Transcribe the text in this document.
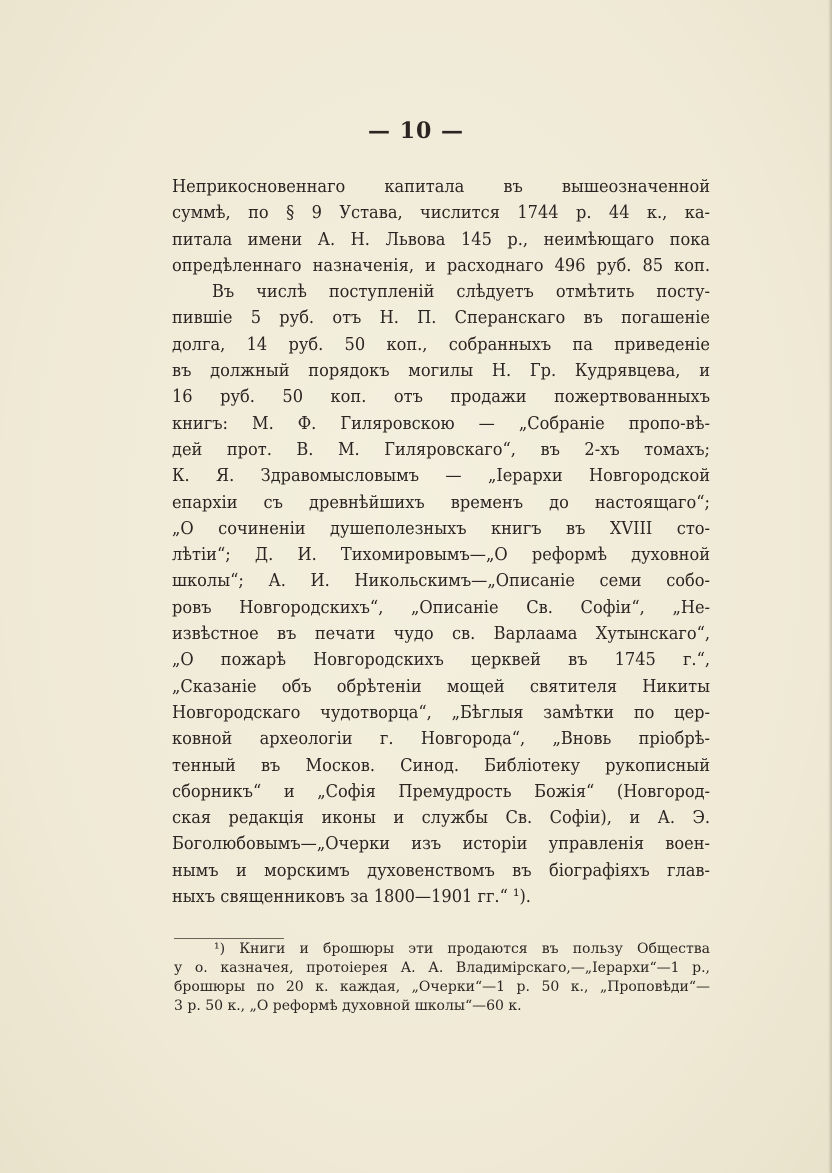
— 10 —
Неприкосновеннаго капитала въ вышеозначенной
суммѣ, по § 9 Устава, числится 1744 р. 44 к., ка-
питала имени А. Н. Львова 145 р., неимѣющаго пока
опредѣленнаго назначенія, и расходнаго 496 руб. 85 коп.
Въ числѣ поступленій слѣдуетъ отмѣтить посту-
пившіе 5 руб. отъ Н. П. Сперанскаго въ погашеніе
долга, 14 руб. 50 коп., собранныхъ па приведеніе
въ должный порядокъ могилы Н. Гр. Кудрявцева, и
16 руб. 50 коп. отъ продажи пожертвованныхъ
книгъ: М. Ф. Гиляровскою — „Собраніе пропо-вѣ-
дей прот. В. М. Гиляровскаго“, въ 2-хъ томахъ;
К. Я. Здравомысловымъ — „Іерархи Новгородской
епархіи съ древнѣйшихъ временъ до настоящаго“;
„О сочиненіи душеполезныхъ книгъ въ XVIII сто-
лѣтіи“; Д. И. Тихомировымъ—„О реформѣ духовной
школы“; А. И. Никольскимъ—„Описаніе семи собо-
ровъ Новгородскихъ“, „Описаніе Св. Софіи“, „Не-
извѣстное въ печати чудо св. Варлаама Хутынскаго“,
„О пожарѣ Новгородскихъ церквей въ 1745 г.“,
„Сказаніе объ обрѣтеніи мощей святителя Никиты
Новгородскаго чудотворца“, „Бѣглыя замѣтки по цер-
ковной археологіи г. Новгорода“, „Вновь пріобрѣ-
тенный въ Москов. Синод. Библіотеку рукописный
сборникъ“ и „Софія Премудрость Божія“ (Новгород-
ская редакція иконы и службы Св. Софіи), и А. Э.
Боголюбовымъ—„Очерки изъ исторіи управленія воен-
нымъ и морскимъ духовенствомъ въ біографіяхъ глав-
ныхъ священниковъ за 1800—1901 гг.“ ¹).
¹) Книги и брошюры эти продаются въ пользу Общества
у о. казначея, протоіерея А. А. Владимірскаго,—„Іерархи“—1 р.,
брошюры по 20 к. каждая, „Очерки“—1 р. 50 к., „Проповѣди“—
3 р. 50 к., „О реформѣ духовной школы“—60 к.
